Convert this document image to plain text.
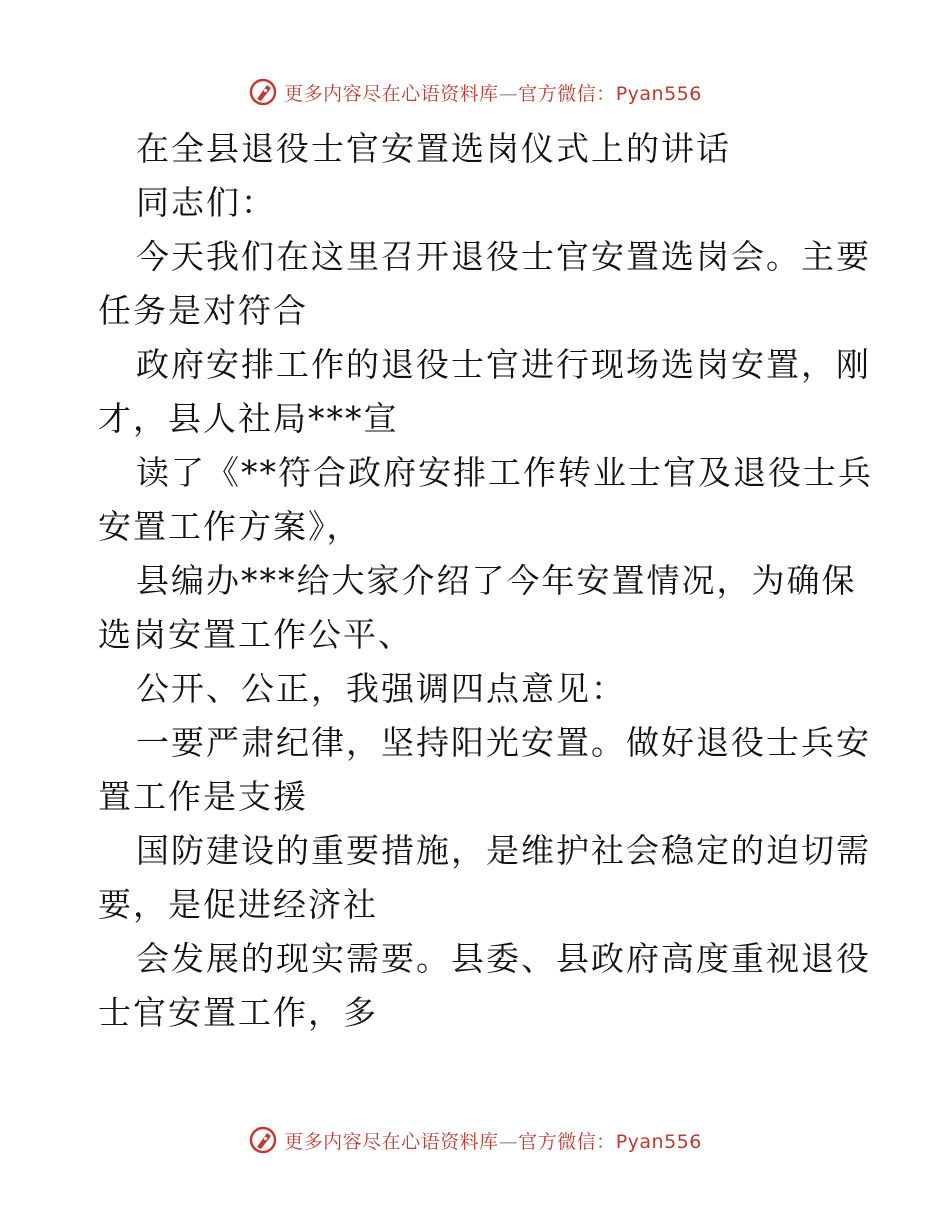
更多内容尽在心语资料库—官方微信：Pyan556

在全县退役士官安置选岗仪式上的讲话

同志们：

今天我们在这里召开退役士官安置选岗会。主要

任务是对符合

政府安排工作的退役士官进行现场选岗安置，刚

才，县人社局***宣

读了《**符合政府安排工作转业士官及退役士兵

安置工作方案》，

县编办***给大家介绍了今年安置情况，为确保

选岗安置工作公平、

公开、公正，我强调四点意见：

一要严肃纪律，坚持阳光安置。做好退役士兵安

置工作是支援

国防建设的重要措施，是维护社会稳定的迫切需

要，是促进经济社

会发展的现实需要。县委、县政府高度重视退役

士官安置工作，多

更多内容尽在心语资料库—官方微信：Pyan556
